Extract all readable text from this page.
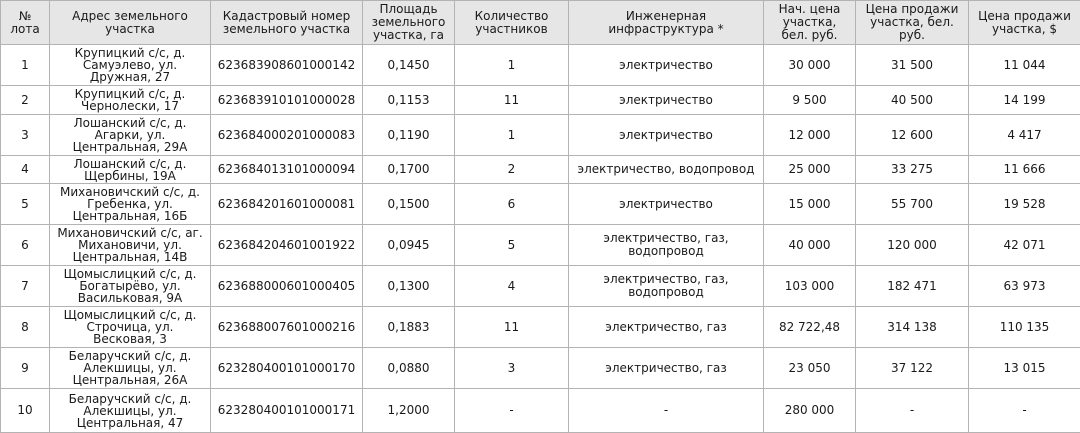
№ лота	Адрес земельного участка	Кадастровый номер земельного участка	Площадь земельного участка, га	Количество участников	Инженерная инфраструктура *	Нач. цена участка, бел. руб.	Цена продажи участка, бел. руб.	Цена продажи участка, $
1	Крупицкий с/с, д. Самуэлево, ул. Дружная, 27	623683908601000142	0,1450	1	электричество	30 000	31 500	11 044
2	Крупицкий с/с, д. Чернолески, 17	623683910101000028	0,1153	11	электричество	9 500	40 500	14 199
3	Лошанский с/с, д. Агарки, ул. Центральная, 29А	623684000201000083	0,1190	1	электричество	12 000	12 600	4 417
4	Лошанский с/с, д. Щербины, 19А	623684013101000094	0,1700	2	электричество, водопровод	25 000	33 275	11 666
5	Михановичский с/с, д. Гребенка, ул. Центральная, 16Б	623684201601000081	0,1500	6	электричество	15 000	55 700	19 528
6	Михановичский с/с, аг. Михановичи, ул. Центральная, 14В	623684204601001922	0,0945	5	электричество, газ, водопровод	40 000	120 000	42 071
7	Щомыслицкий с/с, д. Богатырёво, ул. Васильковая, 9А	623688000601000405	0,1300	4	электричество, газ, водопровод	103 000	182 471	63 973
8	Щомыслицкий с/с, д. Строчица, ул. Весковая, 3	623688007601000216	0,1883	11	электричество, газ	82 722,48	314 138	110 135
9	Беларучский с/с, д. Алекшицы, ул. Центральная, 26А	623280400101000170	0,0880	3	электричество, газ	23 050	37 122	13 015
10	Беларучский с/с, д. Алекшицы, ул. Центральная, 47	623280400101000171	1,2000	-	-	280 000	-	-
